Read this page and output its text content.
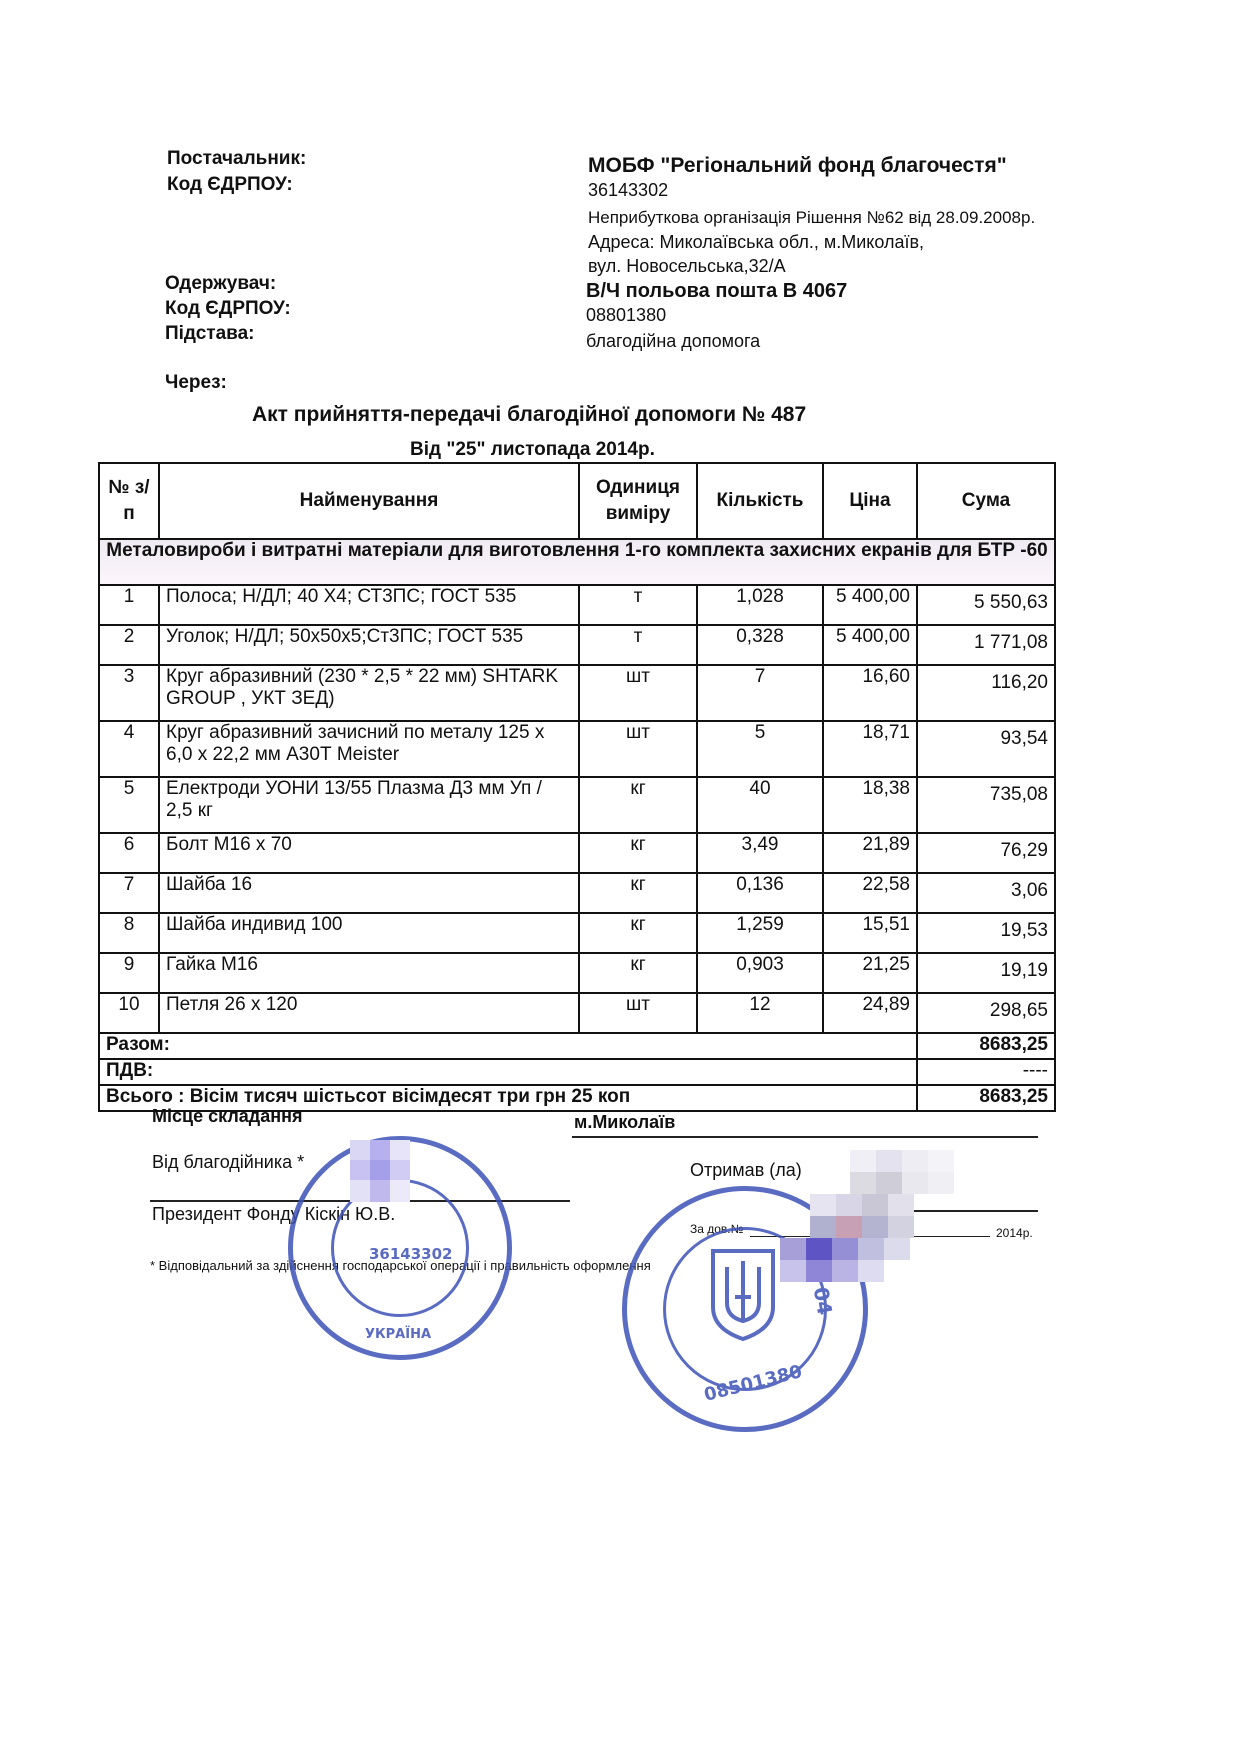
Постачальник:
Код ЄДРПОУ:
МОБФ "Регіональний фонд благочестя"
36143302
Неприбуткова організація Рішення №62 від 28.09.2008р.
Адреса: Миколаївська обл., м.Миколаїв,
вул. Новосельська,32/А
Одержувач:
Код ЄДРПОУ:
Підстава:
В/Ч польова пошта В 4067
08801380
благодійна допомога
Через:
Акт прийняття-передачі благодійної допомоги № 487
Від "25" листопада 2014р.
№ з/п	Найменування	Одиниця виміру	Кількість	Ціна	Сума
Металовироби і витратні матеріали для виготовлення 1-го комплекта захисних екранів для БТР -60					
1	Полоса; Н/ДЛ; 40 Х4; СТ3ПС; ГОСТ 535	т	1,028	5 400,00	5 550,63
2	Уголок; Н/ДЛ; 50х50х5;Ст3ПС; ГОСТ 535	т	0,328	5 400,00	1 771,08
3	Круг абразивний (230 * 2,5 * 22 мм) SHTARK GROUP , УКТ ЗЕД)	шт	7	16,60	116,20
4	Круг абразивний зачисний по металу 125 х 6,0 х 22,2 мм А30Т Meister	шт	5	18,71	93,54
5	Електроди УОНИ 13/55 Плазма Д3 мм Уп / 2,5 кг	кг	40	18,38	735,08
6	Болт М16 х 70	кг	3,49	21,89	76,29
7	Шайба 16	кг	0,136	22,58	3,06
8	Шайба индивид 100	кг	1,259	15,51	19,53
9	Гайка М16	кг	0,903	21,25	19,19
10	Петля 26 х 120	шт	12	24,89	298,65
Разом:					8683,25
ПДВ:					----
Всього : Вісім тисяч шістьсот вісімдесят три грн 25 коп					8683,25
Місце складання	м.Миколаїв
Від благодійника *	Отримав (ла)
Президент Фонду Кіскін Ю.В.
За дов.№	2014р.
* Відповідальний за здійснення господарської операції і правильність оформлення
36143302
УКРАЇНА
08501380
04
